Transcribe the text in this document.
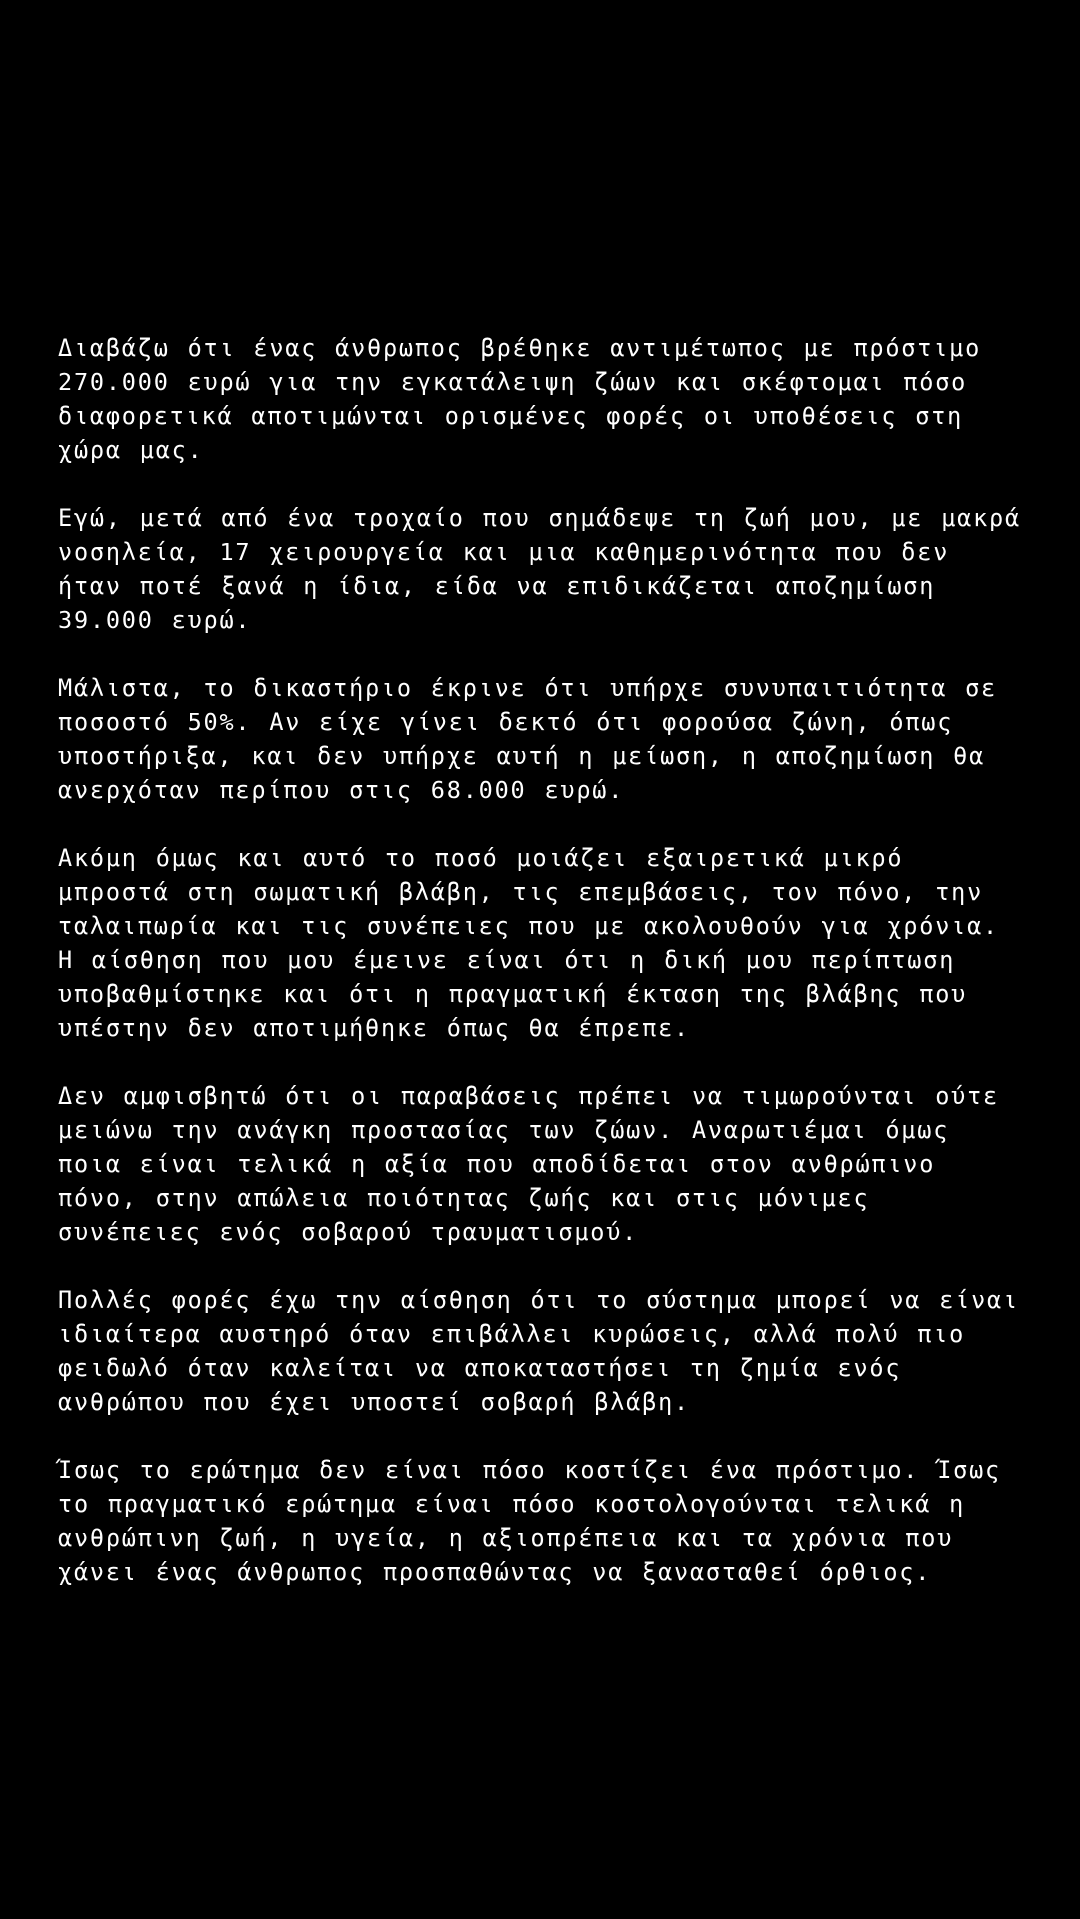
Διαβάζω ότι ένας άνθρωπος βρέθηκε αντιμέτωπος με πρόστιμο 270.000 ευρώ για την εγκατάλειψη ζώων και σκέφτομαι πόσο διαφορετικά αποτιμώνται ορισμένες φορές οι υποθέσεις στη χώρα μας.

Εγώ, μετά από ένα τροχαίο που σημάδεψε τη ζωή μου, με μακρά νοσηλεία, 17 χειρουργεία και μια καθημερινότητα που δεν ήταν ποτέ ξανά η ίδια, είδα να επιδικάζεται αποζημίωση 39.000 ευρώ.

Μάλιστα, το δικαστήριο έκρινε ότι υπήρχε συνυπαιτιότητα σε ποσοστό 50%. Αν είχε γίνει δεκτό ότι φορούσα ζώνη, όπως υποστήριξα, και δεν υπήρχε αυτή η μείωση, η αποζημίωση θα ανερχόταν περίπου στις 68.000 ευρώ.

Ακόμη όμως και αυτό το ποσό μοιάζει εξαιρετικά μικρό μπροστά στη σωματική βλάβη, τις επεμβάσεις, τον πόνο, την ταλαιπωρία και τις συνέπειες που με ακολουθούν για χρόνια. Η αίσθηση που μου έμεινε είναι ότι η δική μου περίπτωση υποβαθμίστηκε και ότι η πραγματική έκταση της βλάβης που υπέστην δεν αποτιμήθηκε όπως θα έπρεπε.

Δεν αμφισβητώ ότι οι παραβάσεις πρέπει να τιμωρούνται ούτε μειώνω την ανάγκη προστασίας των ζώων. Αναρωτιέμαι όμως ποια είναι τελικά η αξία που αποδίδεται στον ανθρώπινο πόνο, στην απώλεια ποιότητας ζωής και στις μόνιμες συνέπειες ενός σοβαρού τραυματισμού.

Πολλές φορές έχω την αίσθηση ότι το σύστημα μπορεί να είναι ιδιαίτερα αυστηρό όταν επιβάλλει κυρώσεις, αλλά πολύ πιο φειδωλό όταν καλείται να αποκαταστήσει τη ζημία ενός ανθρώπου που έχει υποστεί σοβαρή βλάβη.

Ίσως το ερώτημα δεν είναι πόσο κοστίζει ένα πρόστιμο. Ίσως το πραγματικό ερώτημα είναι πόσο κοστολογούνται τελικά η ανθρώπινη ζωή, η υγεία, η αξιοπρέπεια και τα χρόνια που χάνει ένας άνθρωπος προσπαθώντας να ξανασταθεί όρθιος.
